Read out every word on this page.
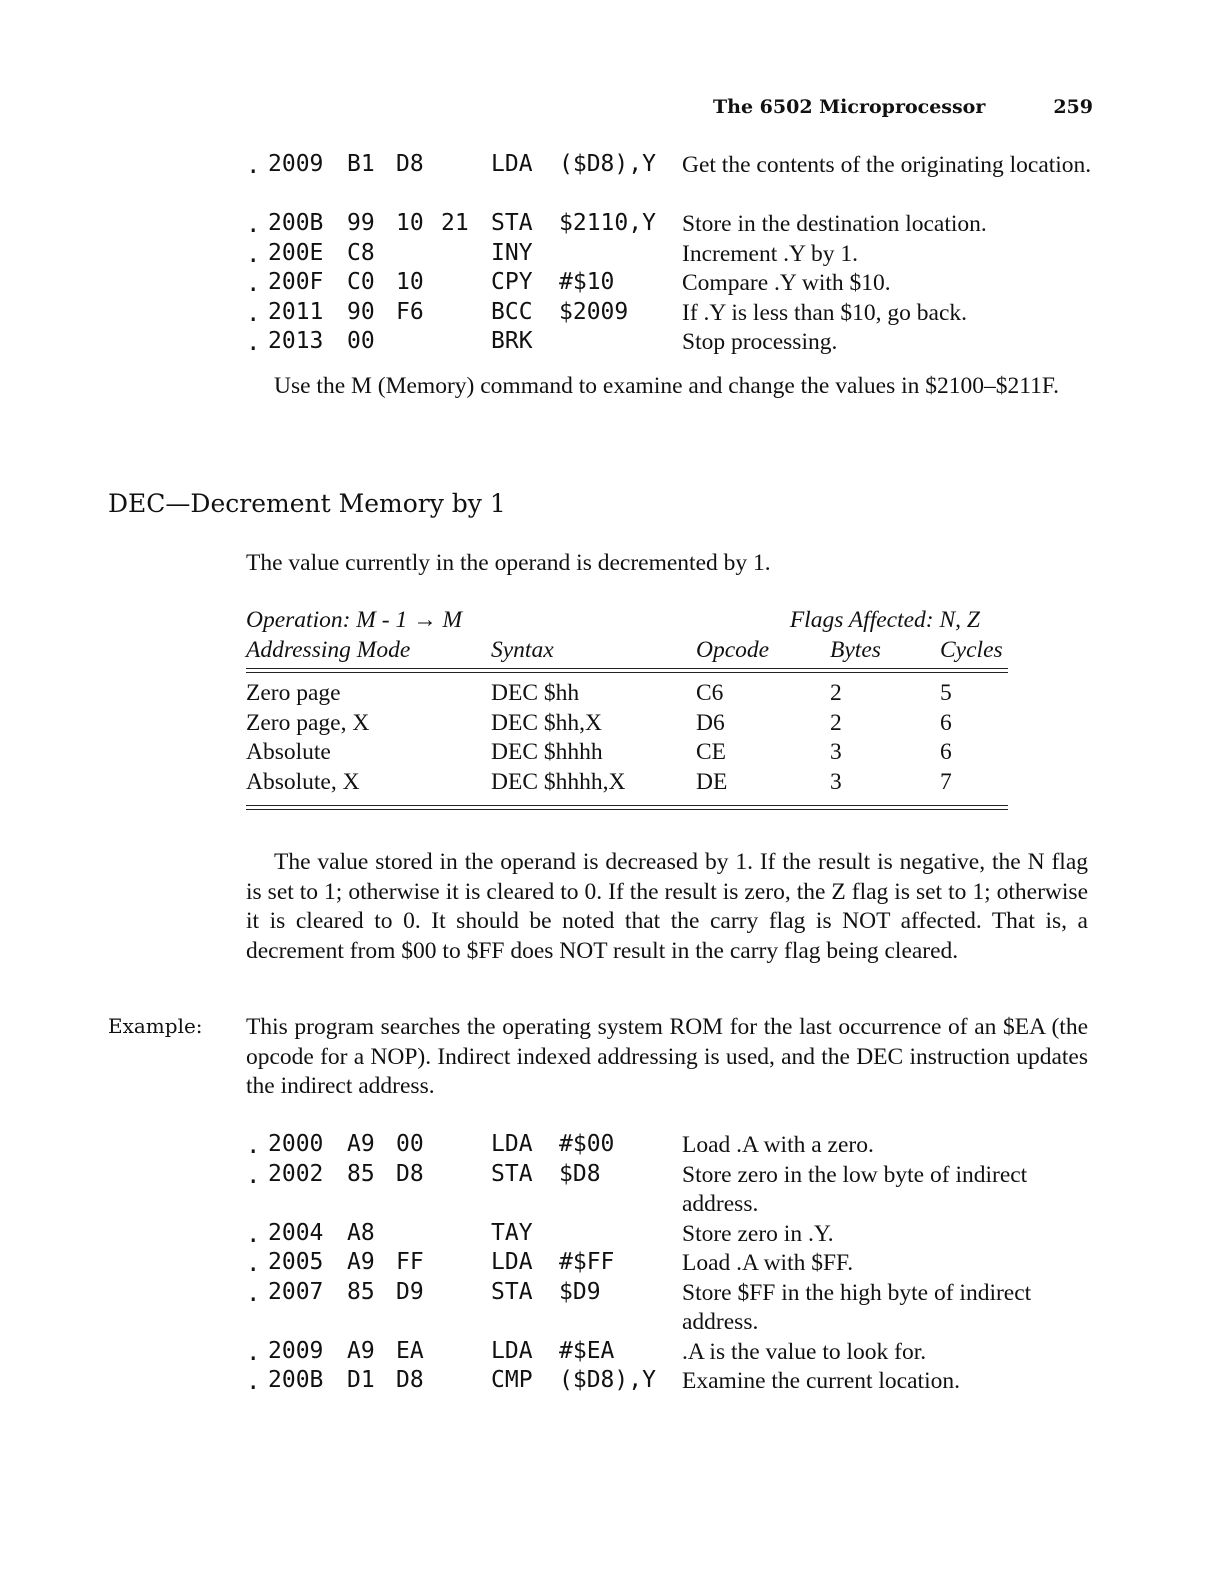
The 6502 Microprocessor	259
. 2009 B1 D8	LDA ($D8),Y Get the contents of the originating location.
. 200B 99 10 21 STA $2110,Y Store in the destination location.
. 200E C8	INY	Increment .Y by 1.
. 200F C0 10	CPY #$10	Compare .Y with $10.
. 2011 90 F6	BCC $2009 If .Y is less than $10, go back.
. 2013 00	BRK	Stop processing.

Use the M (Memory) command to examine and change the values in $2100–$211F.

DEC—Decrement Memory by 1

The value currently in the operand is decremented by 1.

Operation: M - 1 → M	Flags Affected: N, Z
Addressing Mode	Syntax	Opcode	Bytes	Cycles
Zero page	DEC $hh	C6	2	5
Zero page, X	DEC $hh,X	D6	2	6
Absolute	DEC $hhhh	CE	3	6
Absolute, X	DEC $hhhh,X	DE	3	7

The value stored in the operand is decreased by 1. If the result is negative, the N flag is set to 1; otherwise it is cleared to 0. If the result is zero, the Z flag is set to 1; otherwise it is cleared to 0. It should be noted that the carry flag is NOT affected. That is, a decrement from $00 to $FF does NOT result in the carry flag being cleared.

Example: This program searches the operating system ROM for the last occurrence of an $EA (the opcode for a NOP). Indirect indexed addressing is used, and the DEC instruction updates the indirect address.

. 2000 A9 00	LDA #$00	Load .A with a zero.
. 2002 85 D8	STA $D8	Store zero in the low byte of indirect address.
. 2004 A8	TAY	Store zero in .Y.
. 2005 A9 FF	LDA #$FF	Load .A with $FF.
. 2007 85 D9	STA $D9	Store $FF in the high byte of indirect address.
. 2009 A9 EA	LDA #$EA	.A is the value to look for.
. 200B D1 D8	CMP ($D8),Y Examine the current location.
